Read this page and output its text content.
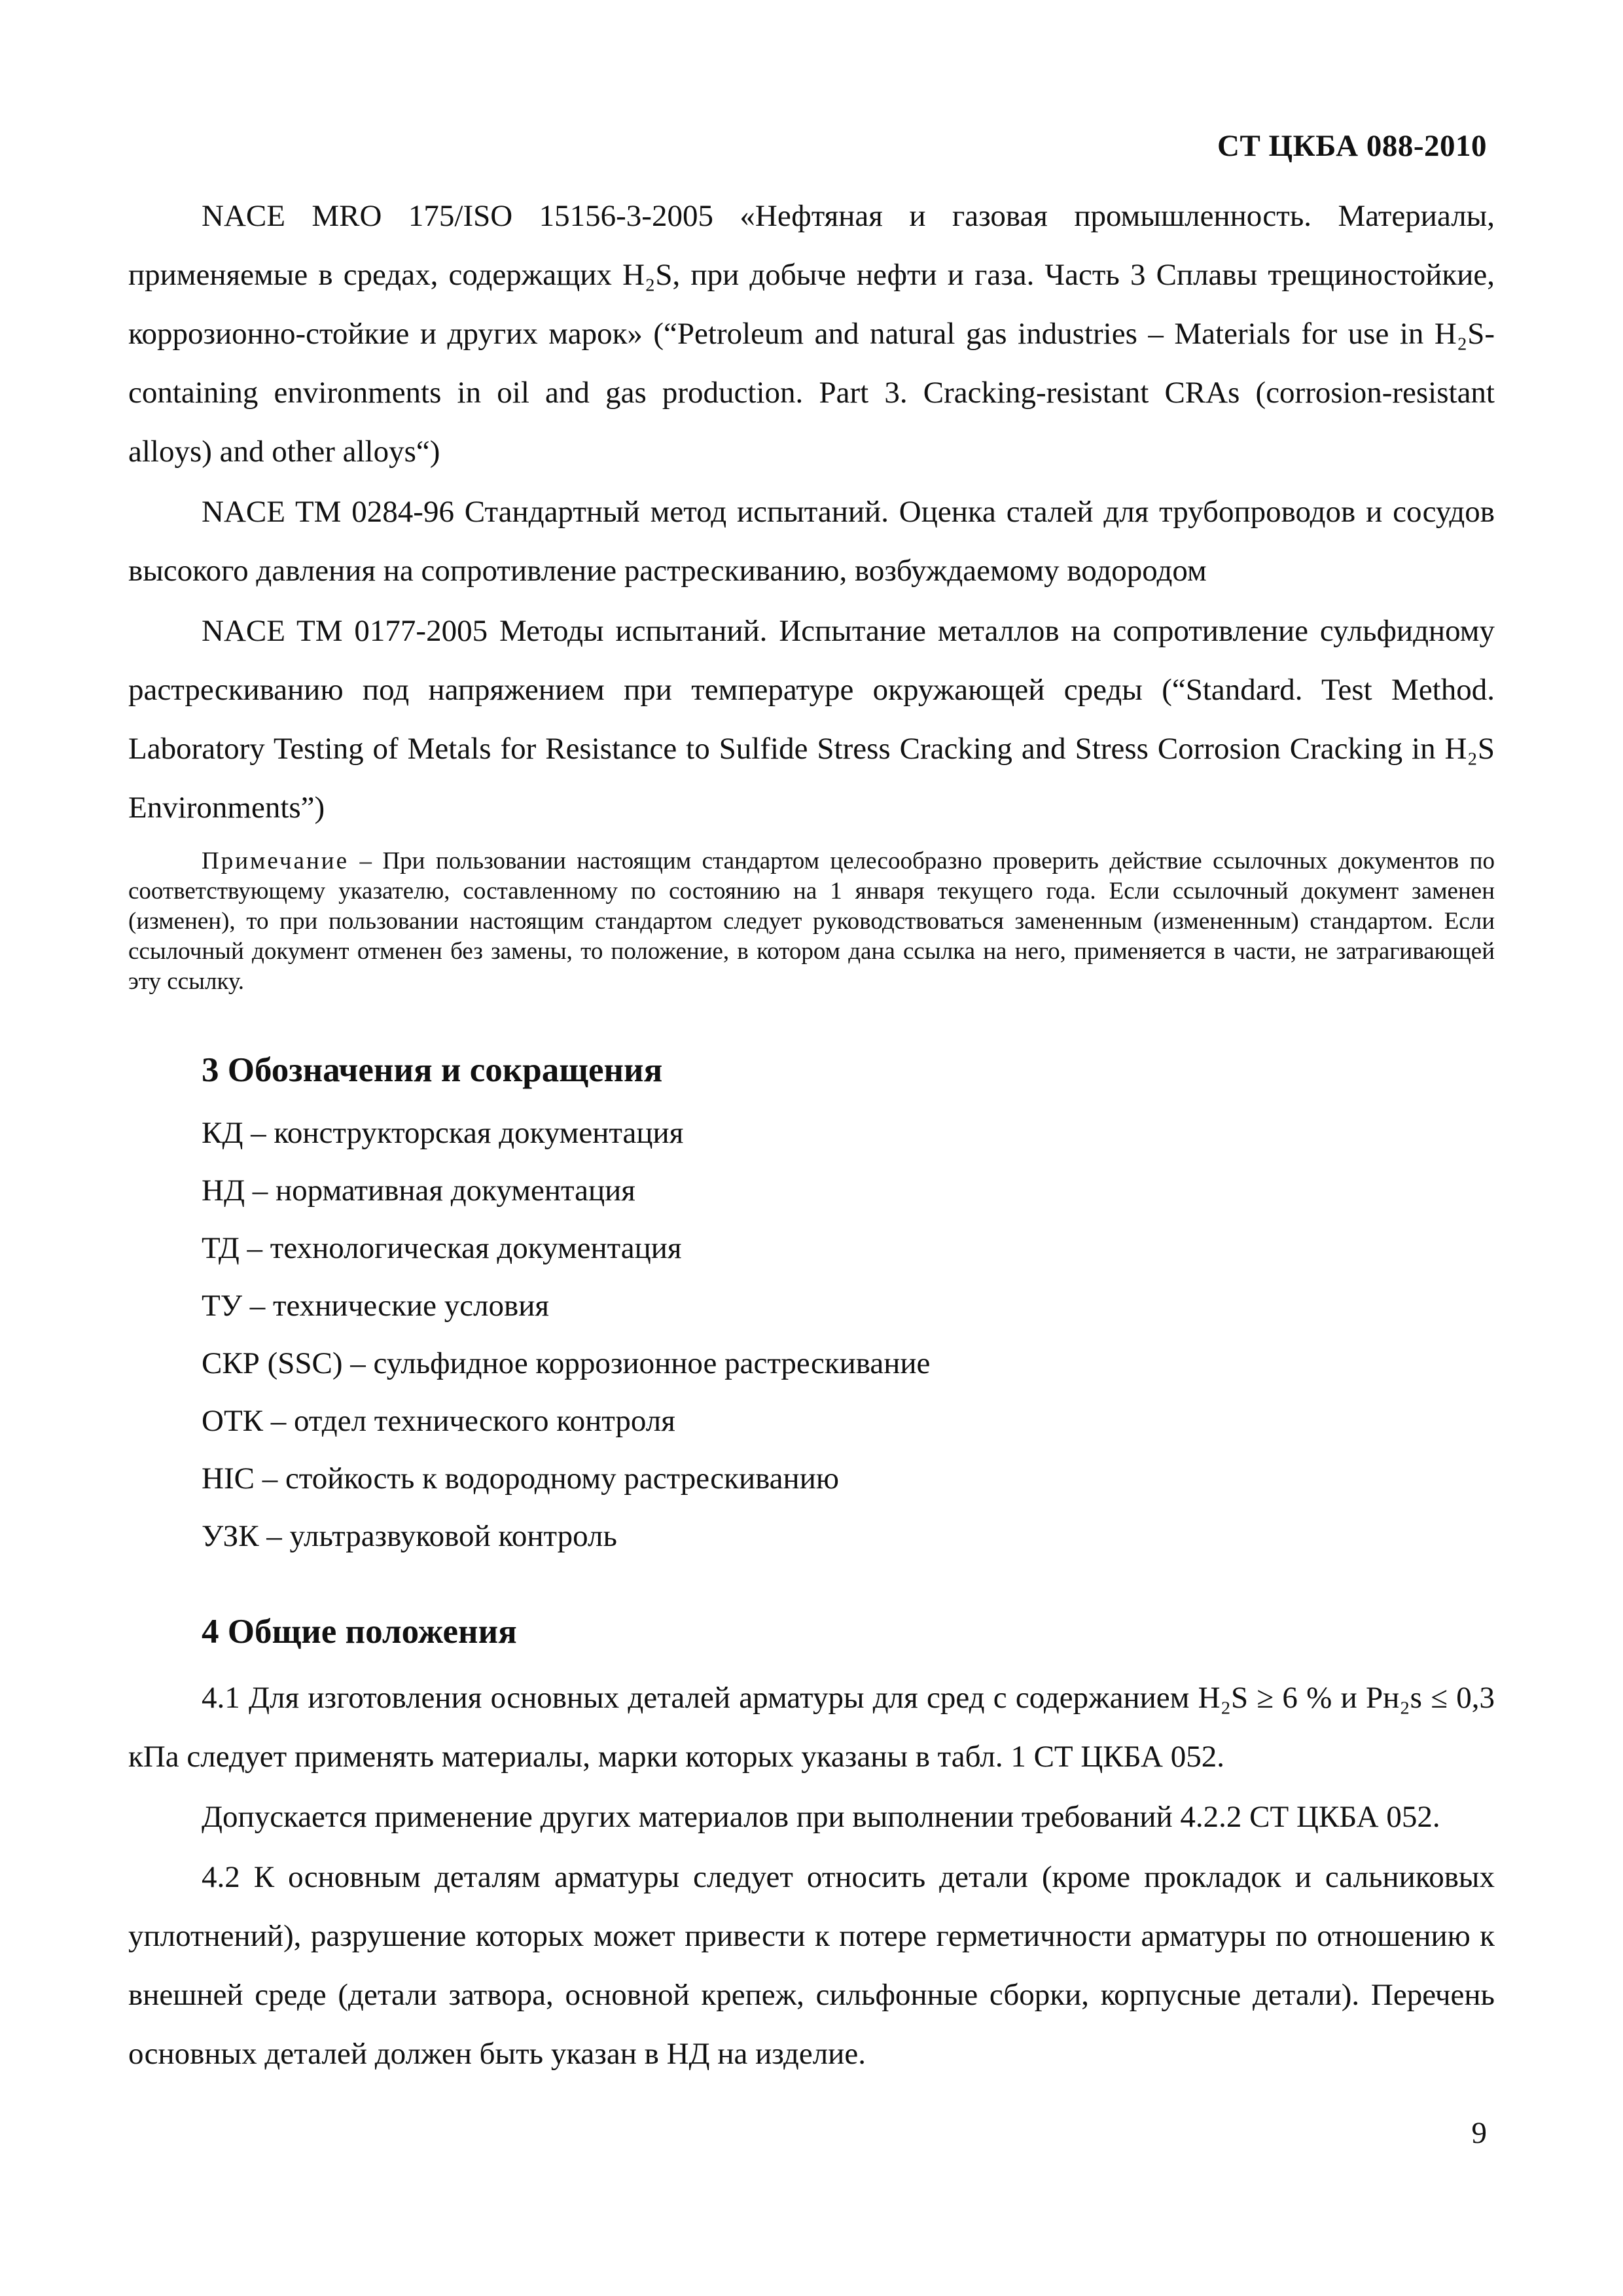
СТ ЦКБА 088-2010

NACE MRO 175/ISO 15156-3-2005 «Нефтяная и газовая промышленность. Материалы, применяемые в средах, содержащих H₂S, при добыче нефти и газа. Часть 3 Сплавы трещиностойкие, коррозионно-стойкие и других марок» (“Petroleum and natural gas industries – Materials for use in H₂S-containing environments in oil and gas production. Part 3. Cracking-resistant CRAs (corrosion-resistant alloys) and other alloys“)

NACE TM 0284-96 Стандартный метод испытаний. Оценка сталей для трубопроводов и сосудов высокого давления на сопротивление растрескиванию, возбуждаемому водородом

NACE TM 0177-2005 Методы испытаний. Испытание металлов на сопротивление сульфидному растрескиванию под напряжением при температуре окружающей среды (“Standard. Test Method. Laboratory Testing of Metals for Resistance to Sulfide Stress Cracking and Stress Corrosion Cracking in H₂S Environments”)

Примечание – При пользовании настоящим стандартом целесообразно проверить действие ссылочных документов по соответствующему указателю, составленному по состоянию на 1 января текущего года. Если ссылочный документ заменен (изменен), то при пользовании настоящим стандартом следует руководствоваться замененным (измененным) стандартом. Если ссылочный документ отменен без замены, то положение, в котором дана ссылка на него, применяется в части, не затрагивающей эту ссылку.

3 Обозначения и сокращения
КД – конструкторская документация
НД – нормативная документация
ТД – технологическая документация
ТУ – технические условия
СКР (SSC) – сульфидное коррозионное растрескивание
ОТК – отдел технического контроля
HIC – стойкость к водородному растрескиванию
УЗК – ультразвуковой контроль
4 Общие положения

4.1 Для изготовления основных деталей арматуры для сред с содержанием H₂S ≥ 6 % и Pн₂s ≤ 0,3 кПа следует применять материалы, марки которых указаны в табл. 1 СТ ЦКБА 052.

Допускается применение других материалов при выполнении требований 4.2.2 СТ ЦКБА 052.

4.2 К основным деталям арматуры следует относить детали (кроме прокладок и сальниковых уплотнений), разрушение которых может привести к потере герметичности арматуры по отношению к внешней среде (детали затвора, основной крепеж, сильфонные сборки, корпусные детали). Перечень основных деталей должен быть указан в НД на изделие.

9
